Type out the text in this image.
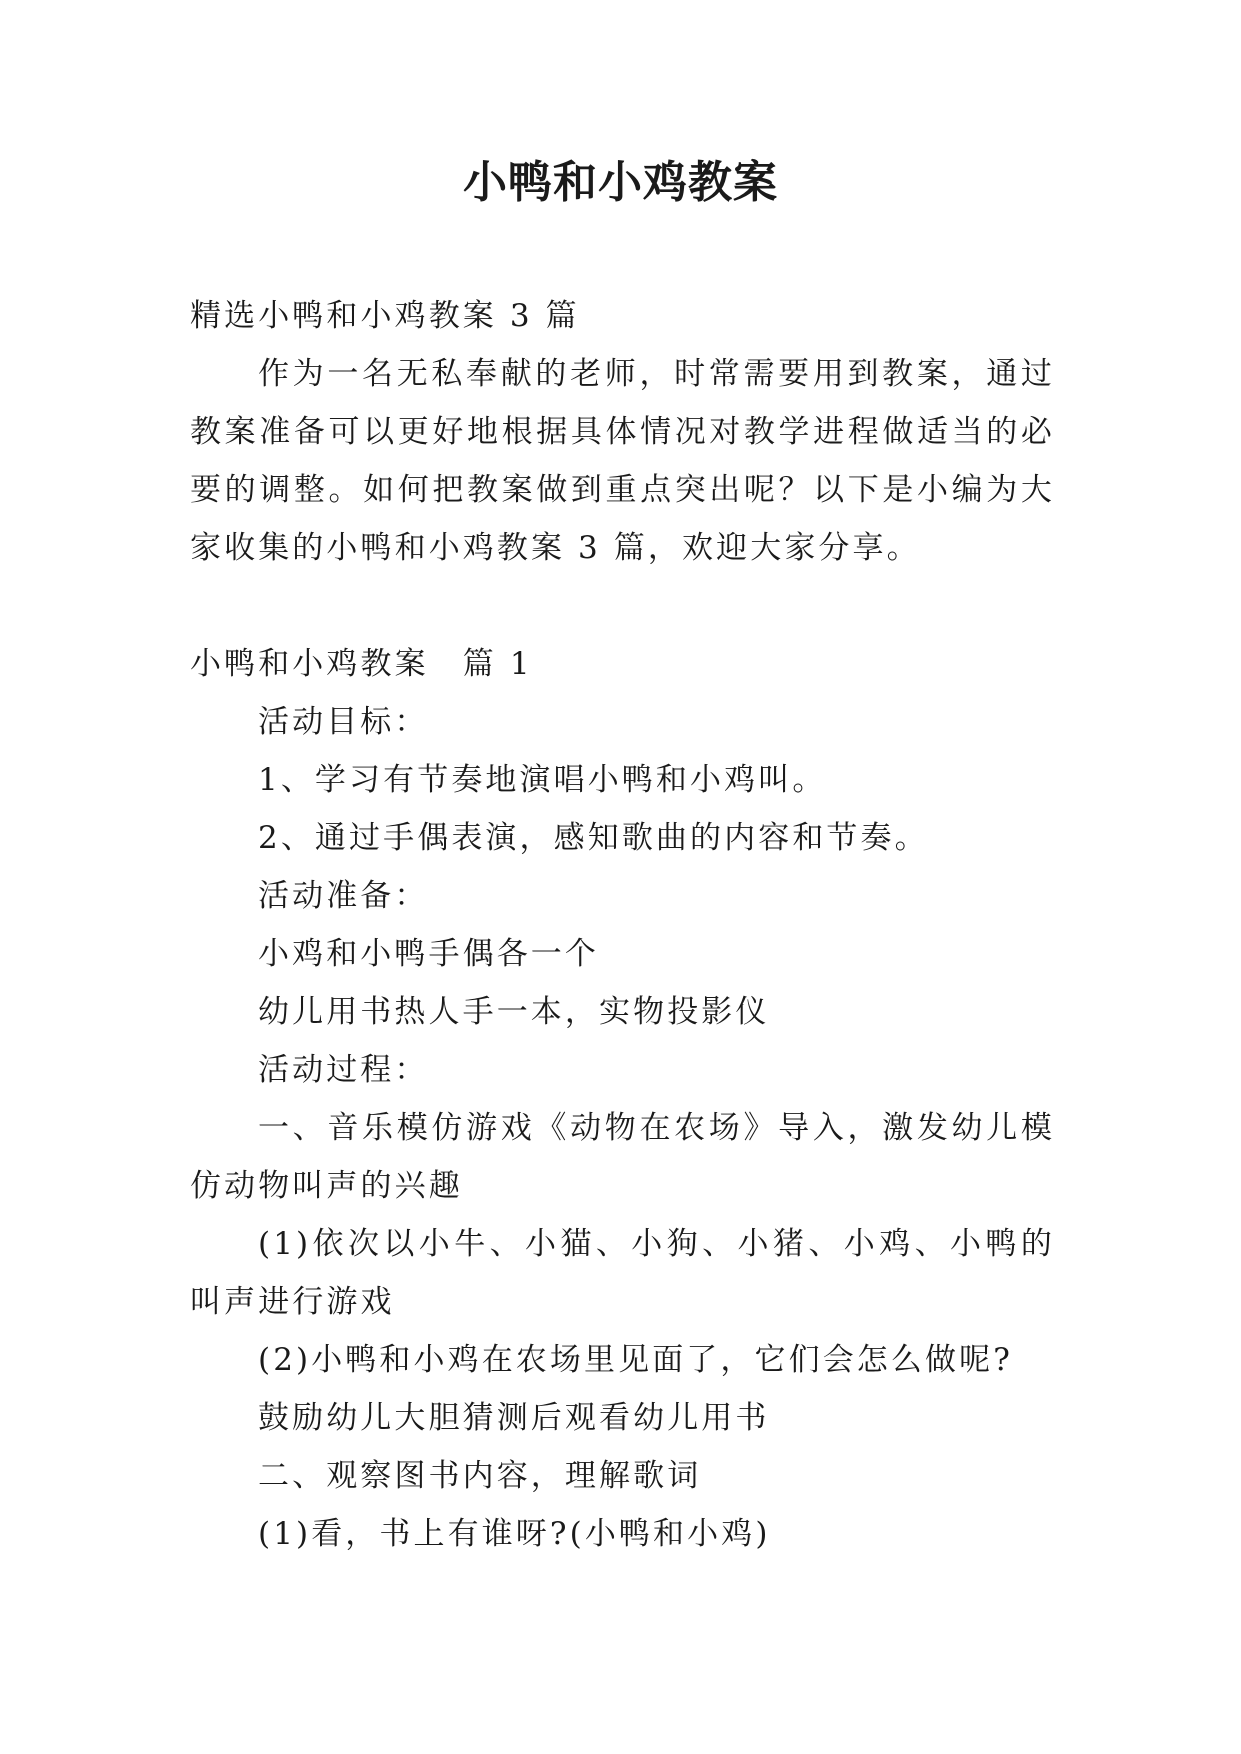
小鸭和小鸡教案

精选小鸭和小鸡教案 3 篇

作为一名无私奉献的老师，时常需要用到教案，通过教案准备可以更好地根据具体情况对教学进程做适当的必要的调整。如何把教案做到重点突出呢？以下是小编为大家收集的小鸭和小鸡教案 3 篇，欢迎大家分享。

小鸭和小鸡教案　篇 1

活动目标：

1、学习有节奏地演唱小鸭和小鸡叫。

2、通过手偶表演，感知歌曲的内容和节奏。

活动准备：

小鸡和小鸭手偶各一个

幼儿用书热人手一本，实物投影仪

活动过程：

一、音乐模仿游戏《动物在农场》导入，激发幼儿模仿动物叫声的兴趣

(1)依次以小牛、小猫、小狗、小猪、小鸡、小鸭的叫声进行游戏

(2)小鸭和小鸡在农场里见面了，它们会怎么做呢?

鼓励幼儿大胆猜测后观看幼儿用书

二、观察图书内容，理解歌词

(1)看，书上有谁呀?(小鸭和小鸡)
